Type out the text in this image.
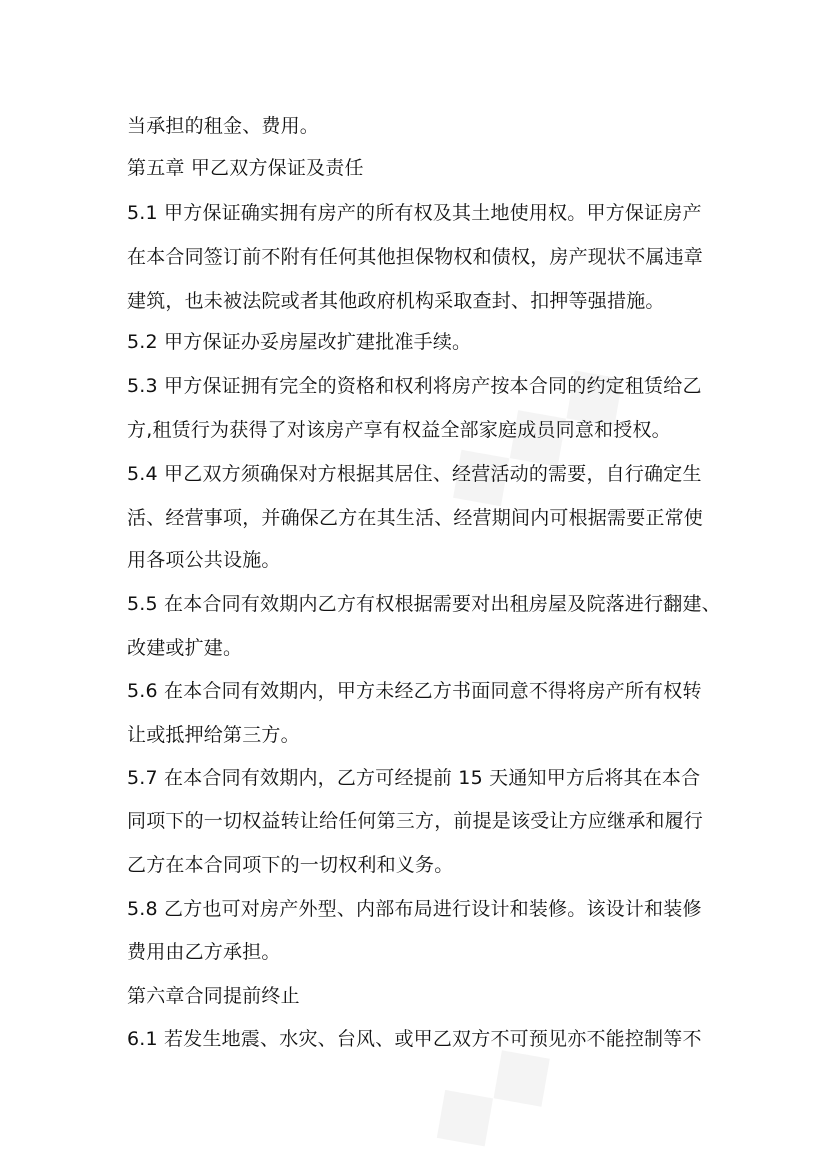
当承担的租金、费用。
第五章 甲乙双方保证及责任
5.1 甲方保证确实拥有房产的所有权及其土地使用权。甲方保证房产
在本合同签订前不附有任何其他担保物权和债权，房产现状不属违章
建筑，也未被法院或者其他政府机构采取查封、扣押等强措施。
5.2 甲方保证办妥房屋改扩建批准手续。
5.3 甲方保证拥有完全的资格和权利将房产按本合同的约定租赁给乙
方,租赁行为获得了对该房产享有权益全部家庭成员同意和授权。
5.4 甲乙双方须确保对方根据其居住、经营活动的需要，自行确定生
活、经营事项，并确保乙方在其生活、经营期间内可根据需要正常使
用各项公共设施。
5.5 在本合同有效期内乙方有权根据需要对出租房屋及院落进行翻建、
改建或扩建。
5.6 在本合同有效期内，甲方未经乙方书面同意不得将房产所有权转
让或抵押给第三方。
5.7 在本合同有效期内，乙方可经提前 15 天通知甲方后将其在本合
同项下的一切权益转让给任何第三方，前提是该受让方应继承和履行
乙方在本合同项下的一切权利和义务。
5.8 乙方也可对房产外型、内部布局进行设计和装修。该设计和装修
费用由乙方承担。
第六章合同提前终止
6.1 若发生地震、水灾、台风、或甲乙双方不可预见亦不能控制等不
